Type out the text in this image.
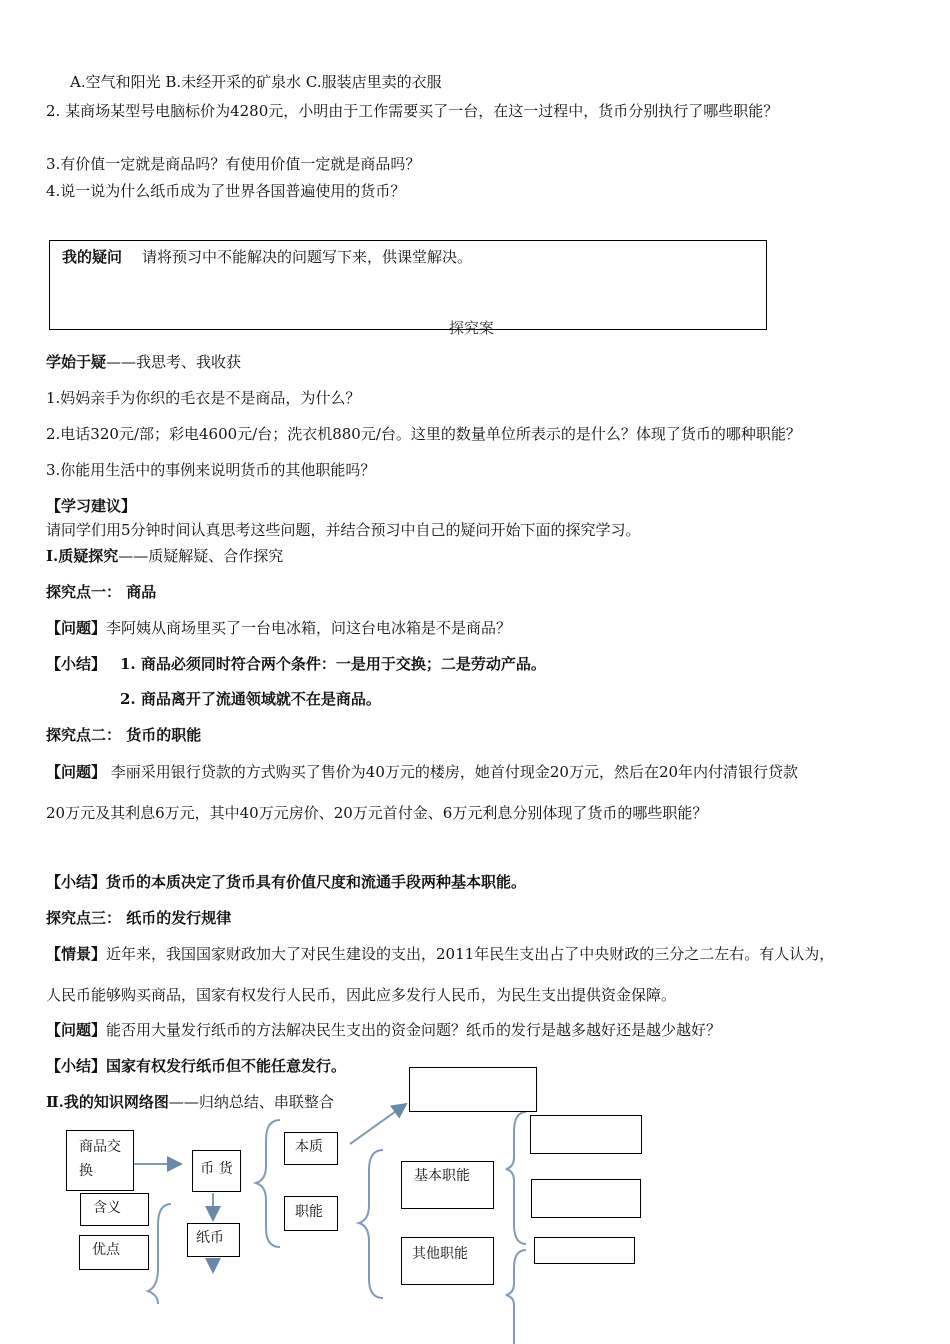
A.空气和阳光 B.未经开采的矿泉水 C.服装店里卖的衣服
2. 某商场某型号电脑标价为4280元，小明由于工作需要买了一台，在这一过程中，货币分别执行了哪些职能？
3.有价值一定就是商品吗？有使用价值一定就是商品吗？
4.说一说为什么纸币成为了世界各国普遍使用的货币？
探究案
我的疑问 请将预习中不能解决的问题写下来，供课堂解决。
学始于疑——我思考、我收获
1.妈妈亲手为你织的毛衣是不是商品，为什么？
2.电话320元/部；彩电4600元/台；洗衣机880元/台。这里的数量单位所表示的是什么？体现了货币的哪种职能？
3.你能用生活中的事例来说明货币的其他职能吗？
【学习建议】
请同学们用5分钟时间认真思考这些问题，并结合预习中自己的疑问开始下面的探究学习。
Ⅰ.质疑探究——质疑解疑、合作探究
探究点一： 商品
【问题】李阿姨从商场里买了一台电冰箱，问这台电冰箱是不是商品？
【小结】 1. 商品必须同时符合两个条件：一是用于交换；二是劳动产品。
2. 商品离开了流通领域就不在是商品。
探究点二： 货币的职能
【问题】 李丽采用银行贷款的方式购买了售价为40万元的楼房，她首付现金20万元，然后在20年内付清银行贷款
20万元及其利息6万元，其中40万元房价、20万元首付金、6万元利息分别体现了货币的哪些职能？
【小结】货币的本质决定了货币具有价值尺度和流通手段两种基本职能。
探究点三： 纸币的发行规律
【情景】近年来，我国国家财政加大了对民生建设的支出，2011年民生支出占了中央财政的三分之二左右。有人认为，
人民币能够购买商品，国家有权发行人民币，因此应多发行人民币，为民生支出提供资金保障。
【问题】能否用大量发行纸币的方法解决民生支出的资金问题？纸币的发行是越多越好还是越少越好？
【小结】国家有权发行纸币但不能任意发行。
Ⅱ.我的知识网络图——归纳总结、串联整合
商品交换
含义
优点
币 货
纸币
本质
职能
基本职能
其他职能
